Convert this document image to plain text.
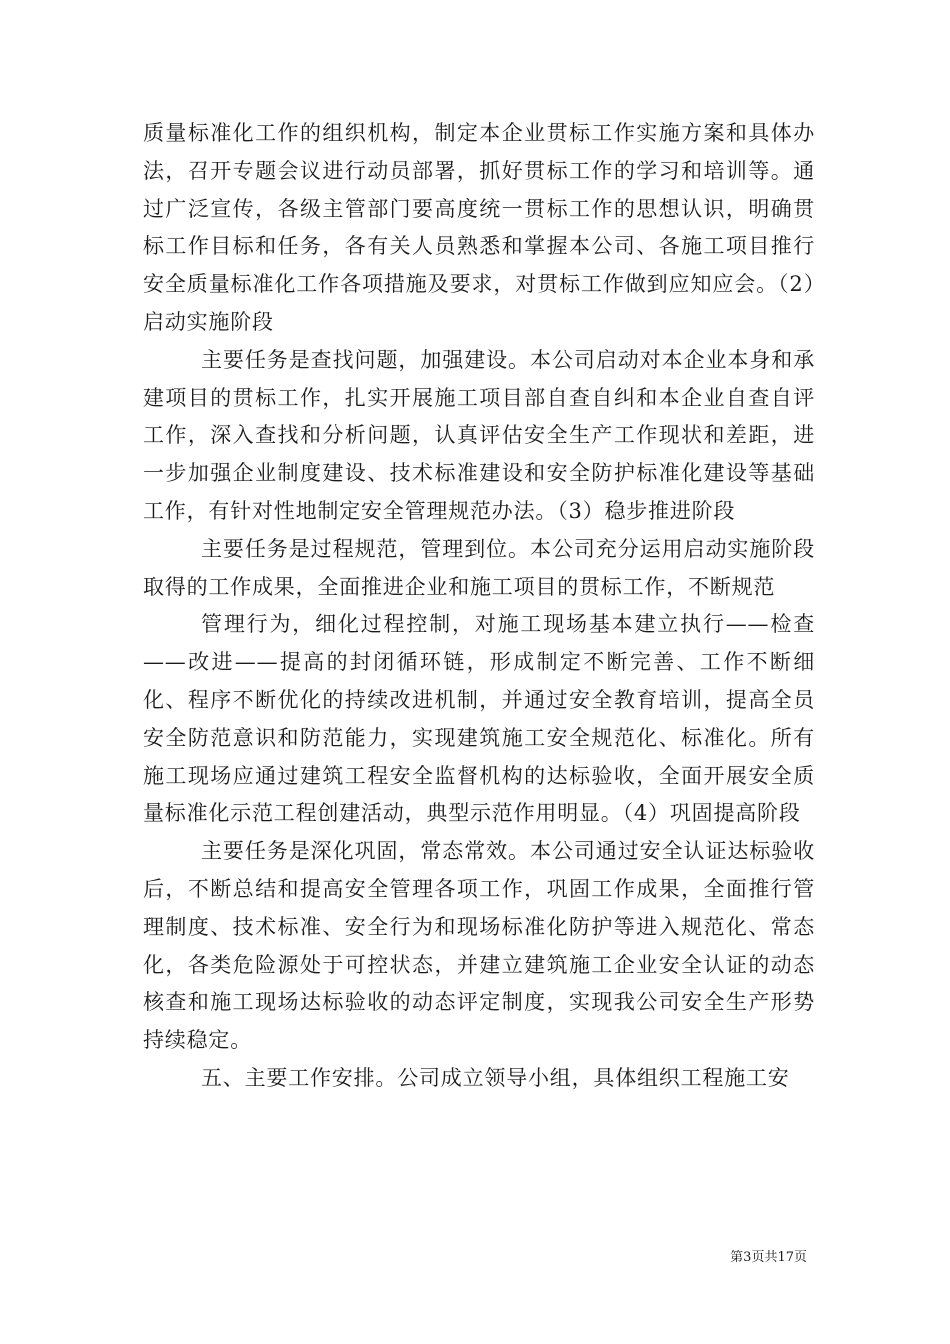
质量标准化工作的组织机构，制定本企业贯标工作实施方案和具体办法，召开专题会议进行动员部署，抓好贯标工作的学习和培训等。通过广泛宣传，各级主管部门要高度统一贯标工作的思想认识，明确贯标工作目标和任务，各有关人员熟悉和掌握本公司、各施工项目推行安全质量标准化工作各项措施及要求，对贯标工作做到应知应会。（2）启动实施阶段

主要任务是查找问题，加强建设。本公司启动对本企业本身和承建项目的贯标工作，扎实开展施工项目部自查自纠和本企业自查自评工作，深入查找和分析问题，认真评估安全生产工作现状和差距，进一步加强企业制度建设、技术标准建设和安全防护标准化建设等基础工作，有针对性地制定安全管理规范办法。（3）稳步推进阶段

主要任务是过程规范，管理到位。本公司充分运用启动实施阶段取得的工作成果，全面推进企业和施工项目的贯标工作，不断规范

管理行为，细化过程控制，对施工现场基本建立执行——检查——改进——提高的封闭循环链，形成制定不断完善、工作不断细化、程序不断优化的持续改进机制，并通过安全教育培训，提高全员安全防范意识和防范能力，实现建筑施工安全规范化、标准化。所有施工现场应通过建筑工程安全监督机构的达标验收，全面开展安全质量标准化示范工程创建活动，典型示范作用明显。（4）巩固提高阶段

主要任务是深化巩固，常态常效。本公司通过安全认证达标验收后，不断总结和提高安全管理各项工作，巩固工作成果，全面推行管理制度、技术标准、安全行为和现场标准化防护等进入规范化、常态化，各类危险源处于可控状态，并建立建筑施工企业安全认证的动态核查和施工现场达标验收的动态评定制度，实现我公司安全生产形势持续稳定。

五、主要工作安排。公司成立领导小组，具体组织工程施工安

第3页共17页
